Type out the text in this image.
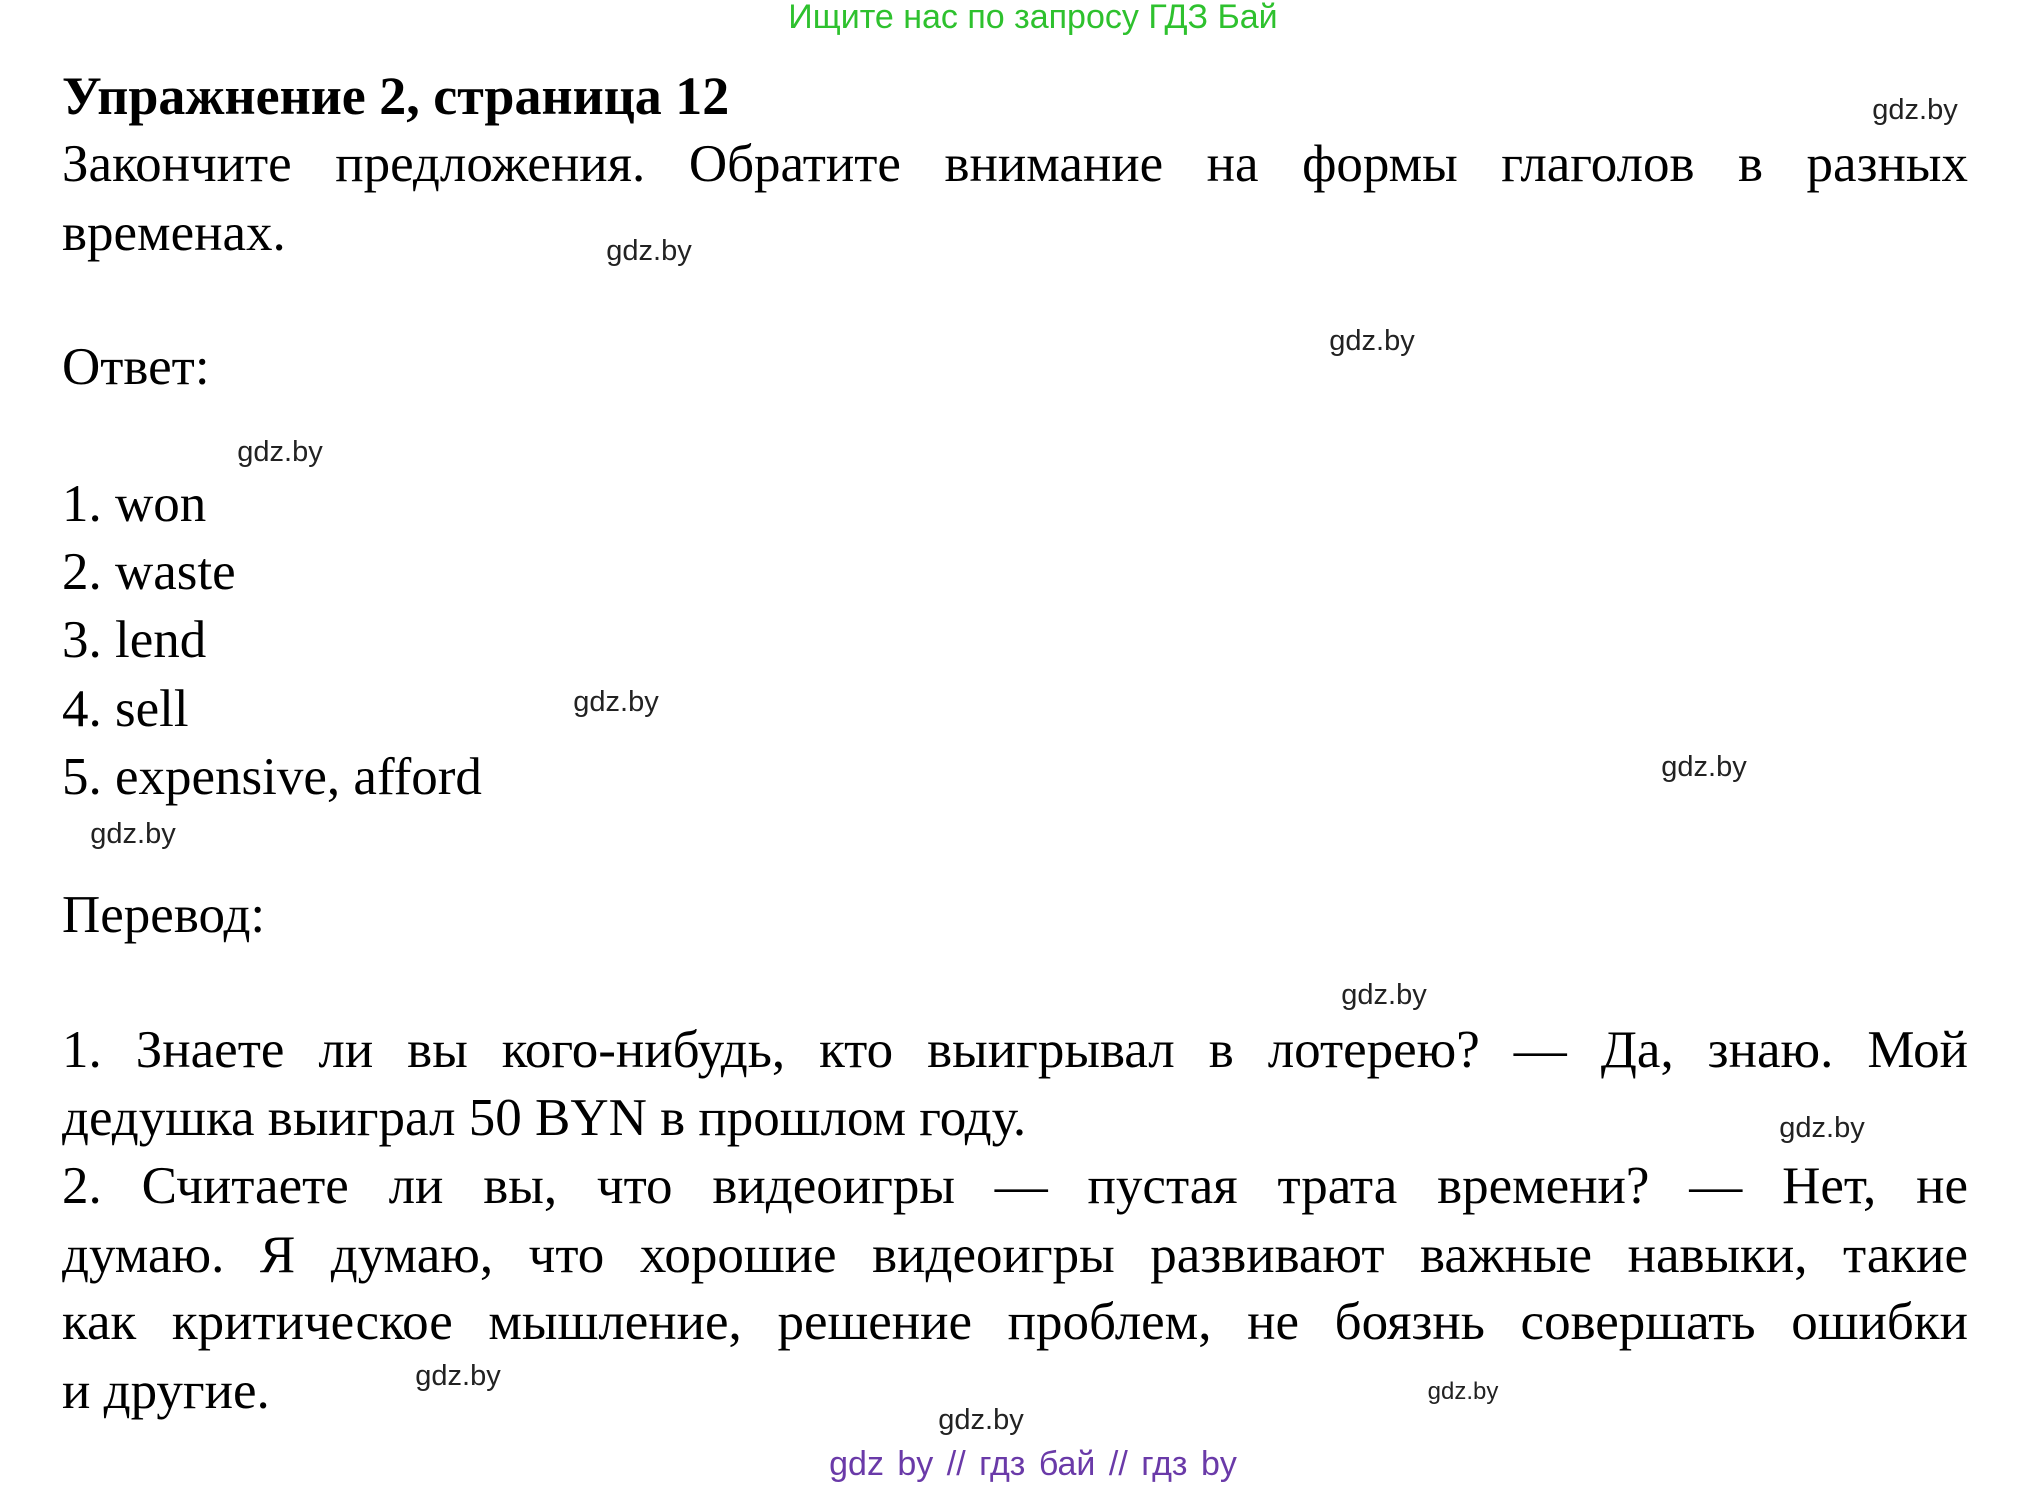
Ищите нас по запросу ГДЗ Бай
Упражнение 2, страница 12
Закончите предложения. Обратите внимание на формы глаголов в разных
временах.
Ответ:
1. won
2. waste
3. lend
4. sell
5. expensive, afford
Перевод:
1. Знаете ли вы кого-нибудь, кто выигрывал в лотерею? — Да, знаю. Мой
дедушка выиграл 50 BYN в прошлом году.
2. Считаете ли вы, что видеоигры — пустая трата времени? — Нет, не
думаю. Я думаю, что хорошие видеоигры развивают важные навыки, такие
как критическое мышление, решение проблем, не боязнь совершать ошибки
и другие.
gdz.by
gdz.by
gdz.by
gdz.by
gdz.by
gdz.by
gdz.by
gdz.by
gdz.by
gdz.by
gdz.by
gdz.by
gdz by // гдз бай // гдз by
